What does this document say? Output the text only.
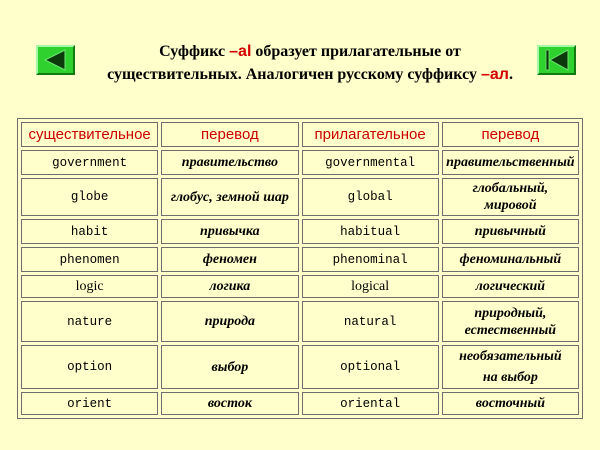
Суффикс –al образует прилагательные от
существительных. Аналогичен русскому суффиксу –ал.
существительное	перевод	прилагательное	перевод
government	правительство	governmental	правительственный
globe	глобус, земной шар	global	глобальный,
мировой
habit	привычка	habitual	привычный
phenomen	феномен	phenominal	феноминальный
logic	логика	logical	логический
nature	природа	natural	природный,
естественный
option	выбор	optional	необязательный
на выбор
orient	восток	oriental	восточный
